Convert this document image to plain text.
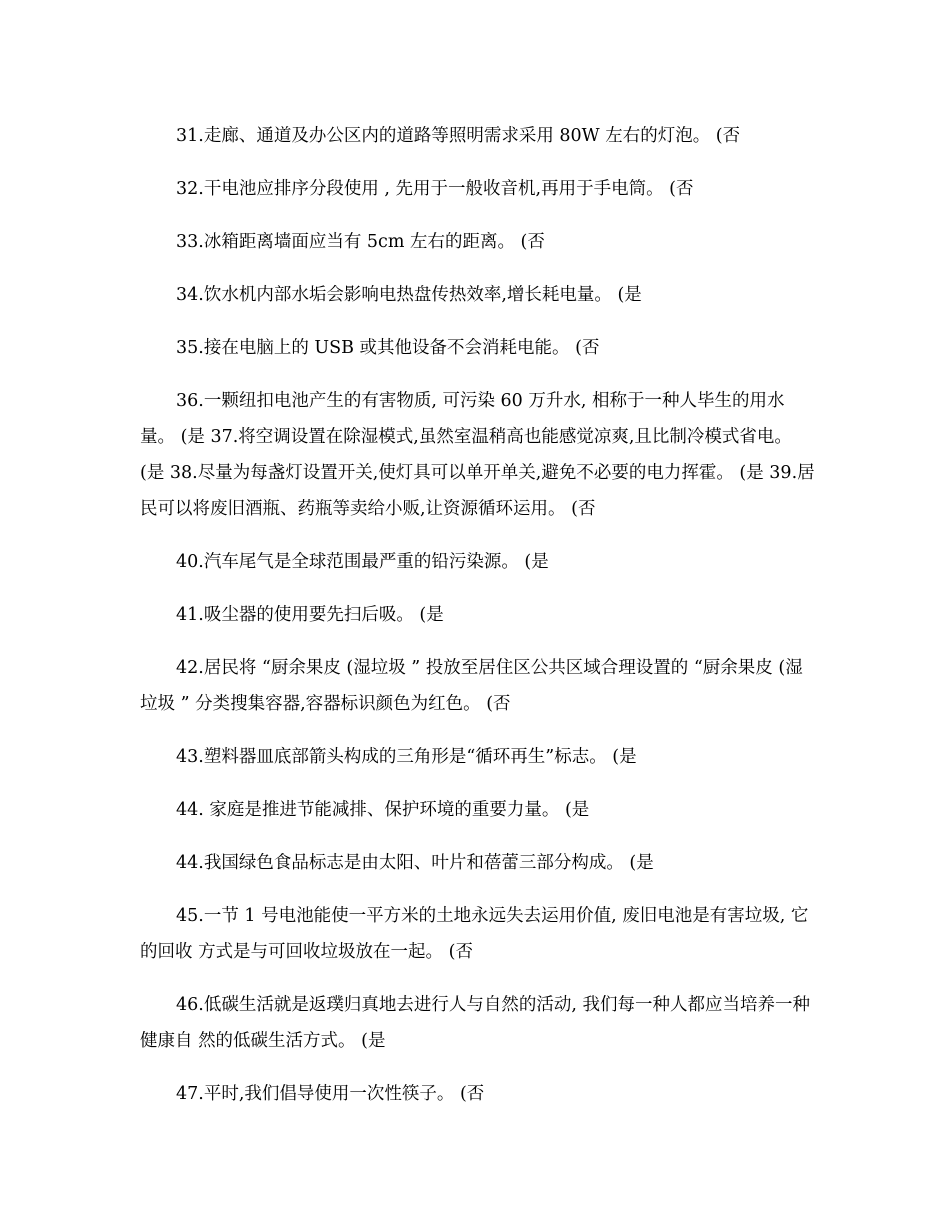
31.走廊、通道及办公区内的道路等照明需求采用 80W 左右的灯泡。 (否

32.干电池应排序分段使用 , 先用于一般收音机,再用于手电筒。 (否

33.冰箱距离墙面应当有 5cm 左右的距离。 (否

34.饮水机内部水垢会影响电热盘传热效率,增长耗电量。 (是

35.接在电脑上的 USB 或其他设备不会消耗电能。 (否

36.一颗纽扣电池产生的有害物质, 可污染 60 万升水, 相称于一种人毕生的用水量。 (是 37.将空调设置在除湿模式,虽然室温稍高也能感觉凉爽,且比制冷模式省电。 (是 38.尽量为每盏灯设置开关,使灯具可以单开单关,避免不必要的电力挥霍。 (是 39.居民可以将废旧酒瓶、药瓶等卖给小贩,让资源循环运用。 (否

40.汽车尾气是全球范围最严重的铅污染源。 (是

41.吸尘器的使用要先扫后吸。 (是

42.居民将 “厨余果皮 (湿垃圾 ” 投放至居住区公共区域合理设置的 “厨余果皮 (湿垃圾 ” 分类搜集容器,容器标识颜色为红色。 (否

43.塑料器皿底部箭头构成的三角形是“循环再生”标志。 (是

44. 家庭是推进节能减排、保护环境的重要力量。 (是

44.我国绿色食品标志是由太阳、叶片和蓓蕾三部分构成。 (是

45.一节 1 号电池能使一平方米的土地永远失去运用价值, 废旧电池是有害垃圾, 它的回收 方式是与可回收垃圾放在一起。 (否

46.低碳生活就是返璞归真地去进行人与自然的活动, 我们每一种人都应当培养一种健康自 然的低碳生活方式。 (是

47.平时,我们倡导使用一次性筷子。 (否
